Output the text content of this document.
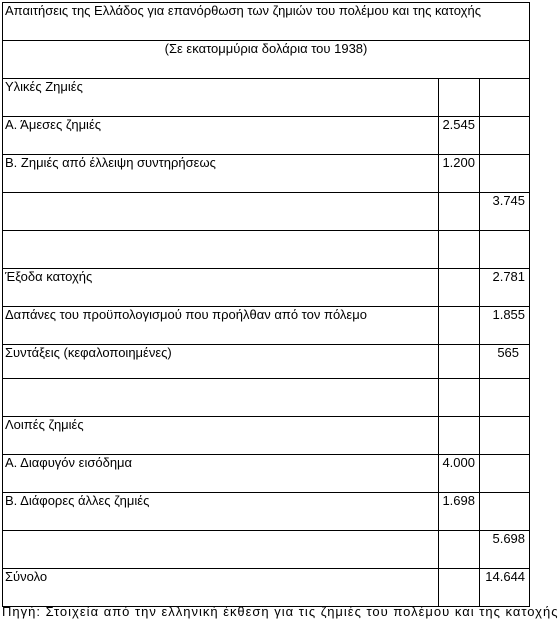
Απαιτήσεις της Ελλάδος για επανόρθωση των ζημιών του πολέμου και της κατοχής		
(Σε εκατομμύρια δολάρια του 1938)		
Υλικές Ζημιές		
Α. Άμεσες ζημιές	2.545	
Β. Ζημιές από έλλειψη συντηρήσεως	1.200	
		3.745

Έξοδα κατοχής		2.781
Δαπάνες του προϋπολογισμού που προήλθαν από τον πόλεμο		1.855
Συντάξεις (κεφαλοποιημένες)		565

Λοιπές ζημιές		
Α. Διαφυγόν εισόδημα	4.000	
Β. Διάφορες άλλες ζημιές	1.698	
		5.698
Σύνολο		14.644
Πηγή: Στοιχεία από την ελληνική έκθεση για τις ζημιές του πολέμου και της κατοχής
